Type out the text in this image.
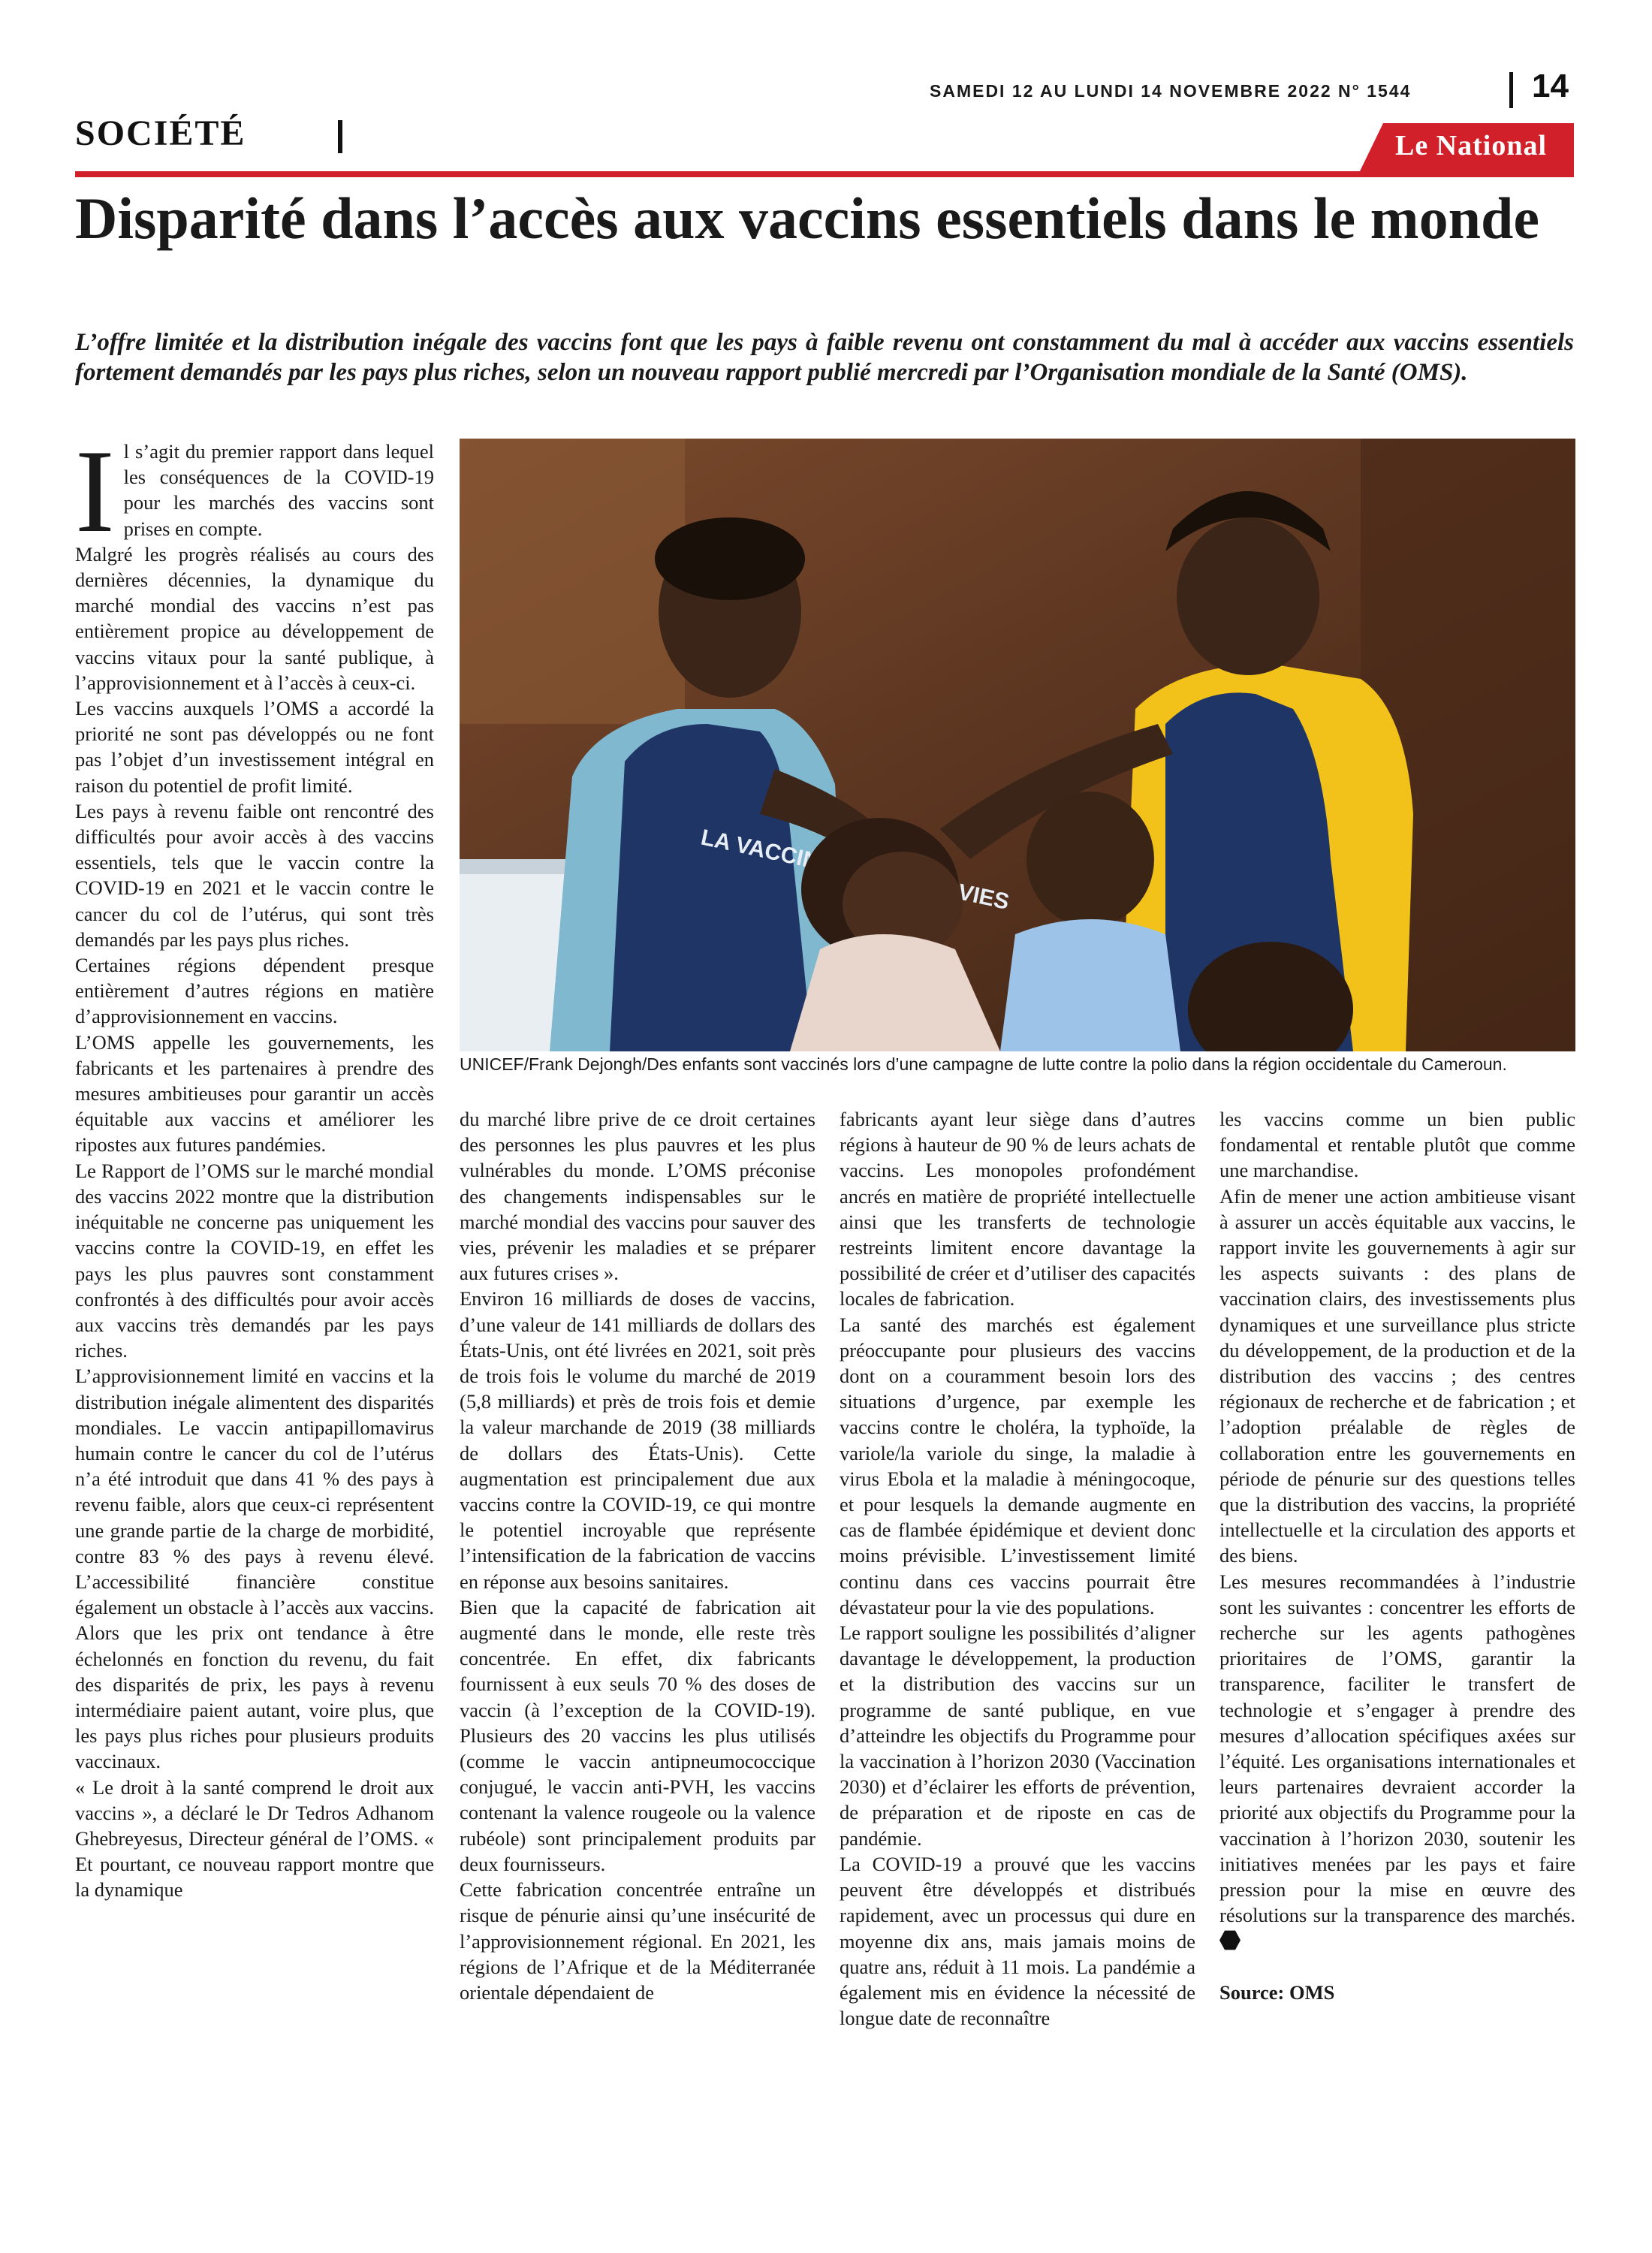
SAMEDI 12 AU LUNDI 14 NOVEMBRE 2022 N° 1544	14
SOCIÉTÉ	Le National
Disparité dans l’accès aux vaccins essentiels dans le monde
L’offre limitée et la distribution inégale des vaccins font que les pays à faible revenu ont constamment du mal à accéder aux vaccins essentiels fortement demandés par les pays plus riches, selon un nouveau rapport publié mercredi par l’Organisation mondiale de la Santé (OMS).

Il s’agit du premier rapport dans lequel les conséquences de la COVID-19 pour les marchés des vaccins sont prises en compte.

Malgré les progrès réalisés au cours des dernières décennies, la dynamique du marché mondial des vaccins n’est pas entièrement propice au développement de vaccins vitaux pour la santé publique, à l’approvisionnement et à l’accès à ceux-ci.

Les vaccins auxquels l’OMS a accordé la priorité ne sont pas développés ou ne font pas l’objet d’un investissement intégral en raison du potentiel de profit limité.

Les pays à revenu faible ont rencontré des difficultés pour avoir accès à des vaccins essentiels, tels que le vaccin contre la COVID-19 en 2021 et le vaccin contre le cancer du col de l’utérus, qui sont très demandés par les pays plus riches.

Certaines régions dépendent presque entièrement d’autres régions en matière d’approvisionnement en vaccins.

L’OMS appelle les gouvernements, les fabricants et les partenaires à prendre des mesures ambitieuses pour garantir un accès équitable aux vaccins et améliorer les ripostes aux futures pandémies.

Le Rapport de l’OMS sur le marché mondial des vaccins 2022 montre que la distribution inéquitable ne concerne pas uniquement les vaccins contre la COVID-19, en effet les pays les plus pauvres sont constamment confrontés à des difficultés pour avoir accès aux vaccins très demandés par les pays riches.

L’approvisionnement limité en vaccins et la distribution inégale alimentent des disparités mondiales. Le vaccin antipapillomavirus humain contre le cancer du col de l’utérus n’a été introduit que dans 41 % des pays à revenu faible, alors que ceux-ci représentent une grande partie de la charge de morbidité, contre 83 % des pays à revenu élevé. L’accessibilité financière constitue également un obstacle à l’accès aux vaccins. Alors que les prix ont tendance à être échelonnés en fonction du revenu, du fait des disparités de prix, les pays à revenu intermédiaire paient autant, voire plus, que les pays plus riches pour plusieurs produits vaccinaux.

« Le droit à la santé comprend le droit aux vaccins », a déclaré le Dr Tedros Adhanom Ghebreyesus, Directeur général de l’OMS. « Et pourtant, ce nouveau rapport montre que la dynamique

LA VACCIN VIES
UNICEF/Frank Dejongh/Des enfants sont vaccinés lors d’une campagne de lutte contre la polio dans la région occidentale du Cameroun.

du marché libre prive de ce droit certaines des personnes les plus pauvres et les plus vulnérables du monde. L’OMS préconise des changements indispensables sur le marché mondial des vaccins pour sauver des vies, prévenir les maladies et se préparer aux futures crises ».

Environ 16 milliards de doses de vaccins, d’une valeur de 141 milliards de dollars des États-Unis, ont été livrées en 2021, soit près de trois fois le volume du marché de 2019 (5,8 milliards) et près de trois fois et demie la valeur marchande de 2019 (38 milliards de dollars des États-Unis). Cette augmentation est principalement due aux vaccins contre la COVID-19, ce qui montre le potentiel incroyable que représente l’intensification de la fabrication de vaccins en réponse aux besoins sanitaires.

Bien que la capacité de fabrication ait augmenté dans le monde, elle reste très concentrée. En effet, dix fabricants fournissent à eux seuls 70 % des doses de vaccin (à l’exception de la COVID-19). Plusieurs des 20 vaccins les plus utilisés (comme le vaccin antipneumococcique conjugué, le vaccin anti-PVH, les vaccins contenant la valence rougeole ou la valence rubéole) sont principalement produits par deux fournisseurs.

Cette fabrication concentrée entraîne un risque de pénurie ainsi qu’une insécurité de l’approvisionnement régional. En 2021, les régions de l’Afrique et de la Méditerranée orientale dépendaient de

fabricants ayant leur siège dans d’autres régions à hauteur de 90 % de leurs achats de vaccins. Les monopoles profondément ancrés en matière de propriété intellectuelle ainsi que les transferts de technologie restreints limitent encore davantage la possibilité de créer et d’utiliser des capacités locales de fabrication.

La santé des marchés est également préoccupante pour plusieurs des vaccins dont on a couramment besoin lors des situations d’urgence, par exemple les vaccins contre le choléra, la typhoïde, la variole/la variole du singe, la maladie à virus Ebola et la maladie à méningocoque, et pour lesquels la demande augmente en cas de flambée épidémique et devient donc moins prévisible. L’investissement limité continu dans ces vaccins pourrait être dévastateur pour la vie des populations.

Le rapport souligne les possibilités d’aligner davantage le développement, la production et la distribution des vaccins sur un programme de santé publique, en vue d’atteindre les objectifs du Programme pour la vaccination à l’horizon 2030 (Vaccination 2030) et d’éclairer les efforts de prévention, de préparation et de riposte en cas de pandémie.

La COVID-19 a prouvé que les vaccins peuvent être développés et distribués rapidement, avec un processus qui dure en moyenne dix ans, mais jamais moins de quatre ans, réduit à 11 mois. La pandémie a également mis en évidence la nécessité de longue date de reconnaître

les vaccins comme un bien public fondamental et rentable plutôt que comme une marchandise.

Afin de mener une action ambitieuse visant à assurer un accès équitable aux vaccins, le rapport invite les gouvernements à agir sur les aspects suivants : des plans de vaccination clairs, des investissements plus dynamiques et une surveillance plus stricte du développement, de la production et de la distribution des vaccins ; des centres régionaux de recherche et de fabrication ; et l’adoption préalable de règles de collaboration entre les gouvernements en période de pénurie sur des questions telles que la distribution des vaccins, la propriété intellectuelle et la circulation des apports et des biens.

Les mesures recommandées à l’industrie sont les suivantes : concentrer les efforts de recherche sur les agents pathogènes prioritaires de l’OMS, garantir la transparence, faciliter le transfert de technologie et s’engager à prendre des mesures d’allocation spécifiques axées sur l’équité. Les organisations internationales et leurs partenaires devraient accorder la priorité aux objectifs du Programme pour la vaccination à l’horizon 2030, soutenir les initiatives menées par les pays et faire pression pour la mise en œuvre des résolutions sur la transparence des marchés.

Source: OMS
